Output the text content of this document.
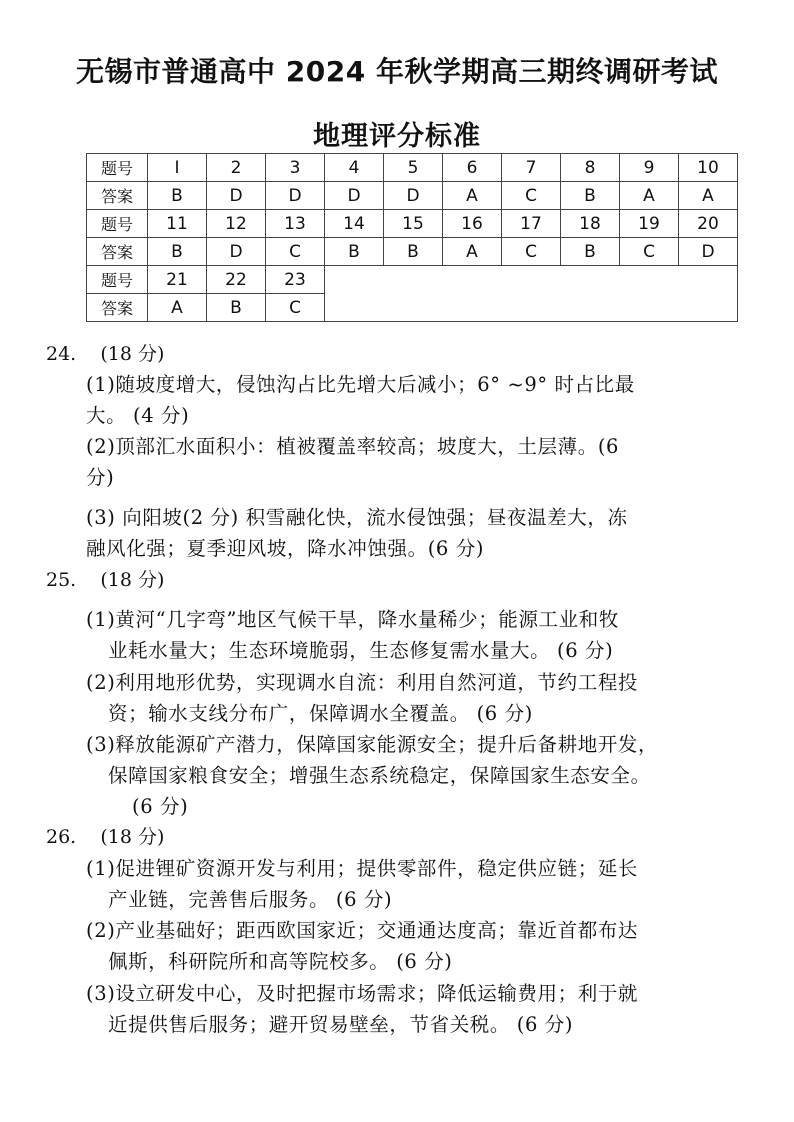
无锡市普通高中 2024 年秋学期高三期终调研考试
地理评分标准
题号	I	2	3	4	5	6	7	8	9	10
答案	B	D	D	D	D	A	C	B	A	A
题号	11	12	13	14	15	16	17	18	19	20
答案	B	D	C	B	B	A	C	B	C	D
题号	21	22	23							
答案	A	B	C							
24. (18 分)
(1)随坡度增大，侵蚀沟占比先增大后减小；6° ~9° 时占比最
大。 (4 分)
(2)顶部汇水面积小：植被覆盖率较高；坡度大，土层薄。(6
分)
(3) 向阳坡(2 分) 积雪融化快，流水侵蚀强；昼夜温差大，冻
融风化强；夏季迎风坡，降水冲蚀强。(6 分)
25. (18 分)
(1)黄河“几字弯”地区气候干旱，降水量稀少；能源工业和牧
业耗水量大；生态环境脆弱，生态修复需水量大。 (6 分)
(2)利用地形优势，实现调水自流：利用自然河道，节约工程投
资；输水支线分布广，保障调水全覆盖。 (6 分)
(3)释放能源矿产潜力，保障国家能源安全；提升后备耕地开发，
保障国家粮食安全；增强生态系统稳定，保障国家生态安全。
(6 分)
26. (18 分)
(1)促进锂矿资源开发与利用；提供零部件，稳定供应链；延长
产业链，完善售后服务。 (6 分)
(2)产业基础好；距西欧国家近；交通通达度高；靠近首都布达
佩斯，科研院所和高等院校多。 (6 分)
(3)设立研发中心，及时把握市场需求；降低运输费用；利于就
近提供售后服务；避开贸易壁垒，节省关税。 (6 分)
